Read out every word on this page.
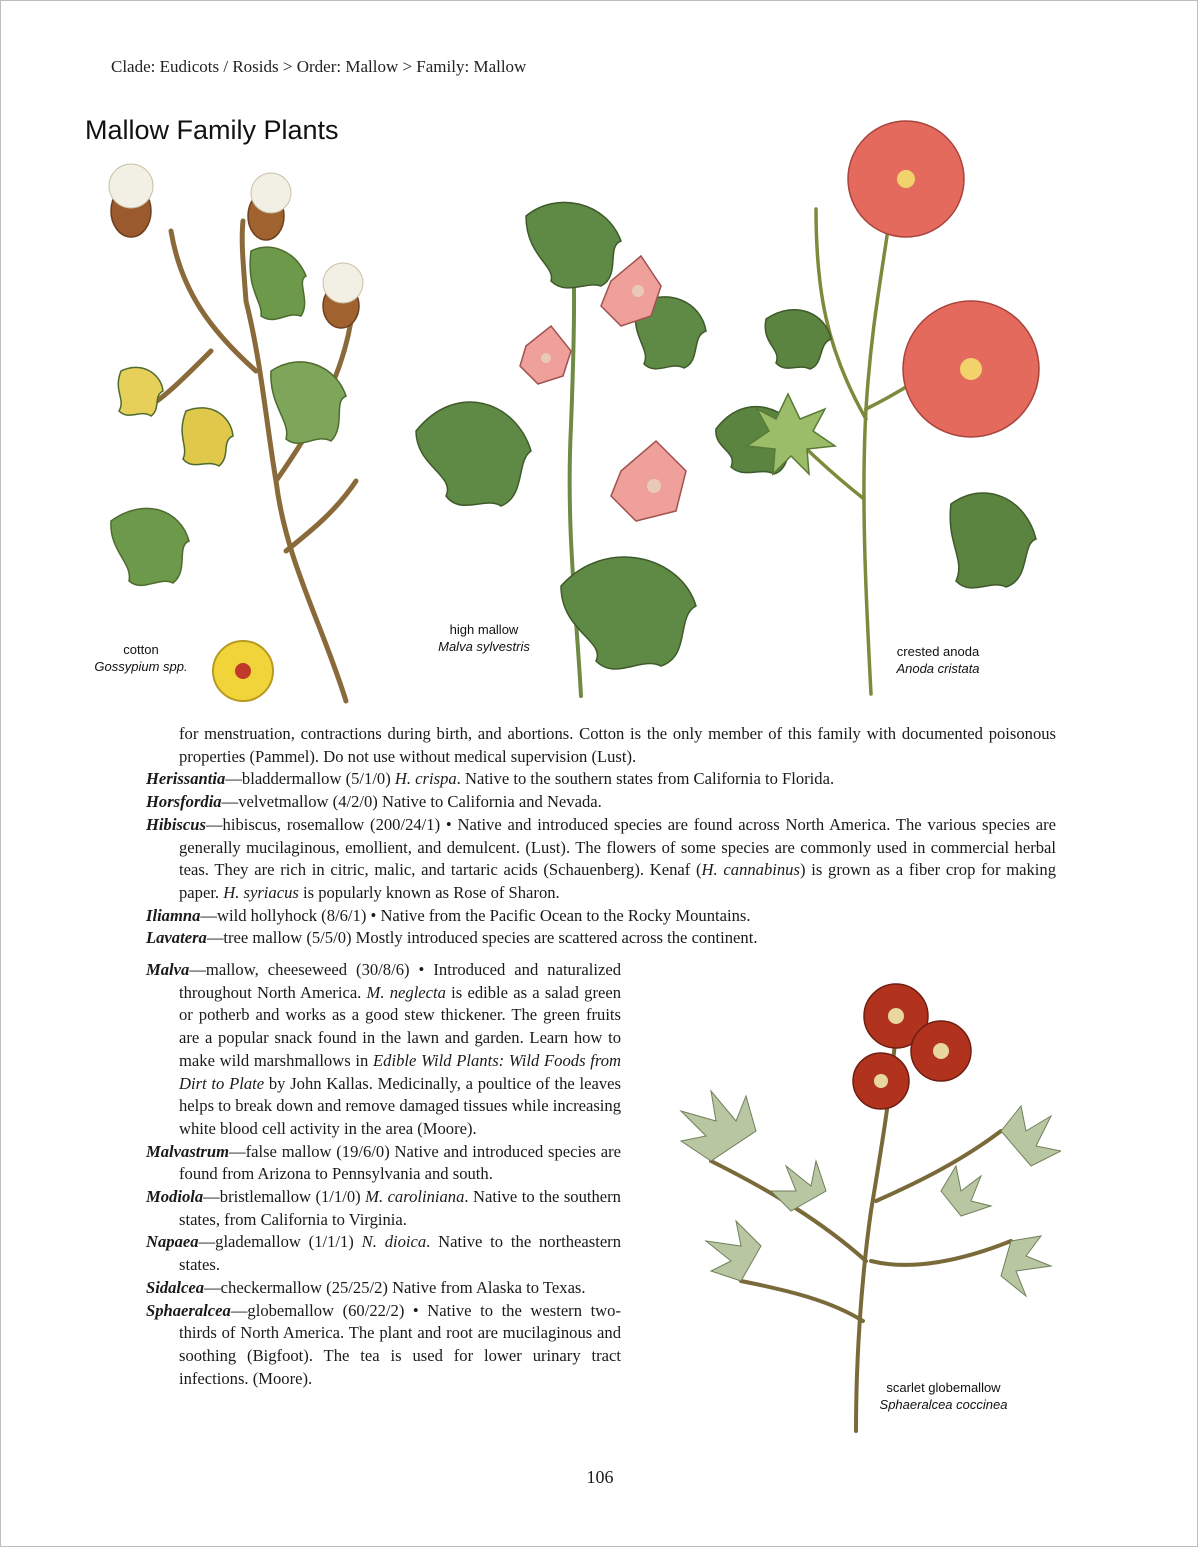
Clade: Eudicots / Rosids > Order: Mallow > Family: Mallow
Mallow Family Plants
cotton
Gossypium spp.
high mallow
Malva sylvestris	crested anoda
Anoda cristata
scarlet globemallow
Sphaeralcea coccinea

for menstruation, contractions during birth, and abortions. Cotton is the only member of this family with documented poisonous properties (Pammel). Do not use without medical supervision (Lust).

Herissantia—bladdermallow (5/1/0) H. crispa. Native to the southern states from California to Florida.

Horsfordia—velvetmallow (4/2/0) Native to California and Nevada.

Hibiscus—hibiscus, rosemallow (200/24/1) • Native and introduced species are found across North America. The various species are generally mucilaginous, emollient, and demulcent. (Lust). The flowers of some species are commonly used in commercial herbal teas. They are rich in citric, malic, and tartaric acids (Schauenberg). Kenaf (H. cannabinus) is grown as a fiber crop for making paper. H. syriacus is popularly known as Rose of Sharon.

Iliamna—wild hollyhock (8/6/1) • Native from the Pacific Ocean to the Rocky Mountains.

Lavatera—tree mallow (5/5/0) Mostly introduced species are scattered across the continent.

Malva—mallow, cheeseweed (30/8/6) • Introduced and naturalized throughout North America. M. neglecta is edible as a salad green or potherb and works as a good stew thickener. The green fruits are a popular snack found in the lawn and garden. Learn how to make wild marshmallows in Edible Wild Plants: Wild Foods from Dirt to Plate by John Kallas. Medicinally, a poultice of the leaves helps to break down and remove damaged tissues while increasing white blood cell activity in the area (Moore).

Malvastrum—false mallow (19/6/0) Native and introduced species are found from Arizona to Pennsylvania and south.

Modiola—bristlemallow (1/1/0) M. caroliniana. Native to the southern states, from California to Virginia.

Napaea—glademallow (1/1/1) N. dioica. Native to the northeastern states.

Sidalcea—checkermallow (25/25/2) Native from Alaska to Texas.

Sphaeralcea—globemallow (60/22/2) • Native to the western two-thirds of North America. The plant and root are mucilaginous and soothing (Bigfoot). The tea is used for lower urinary tract infections. (Moore).

106
